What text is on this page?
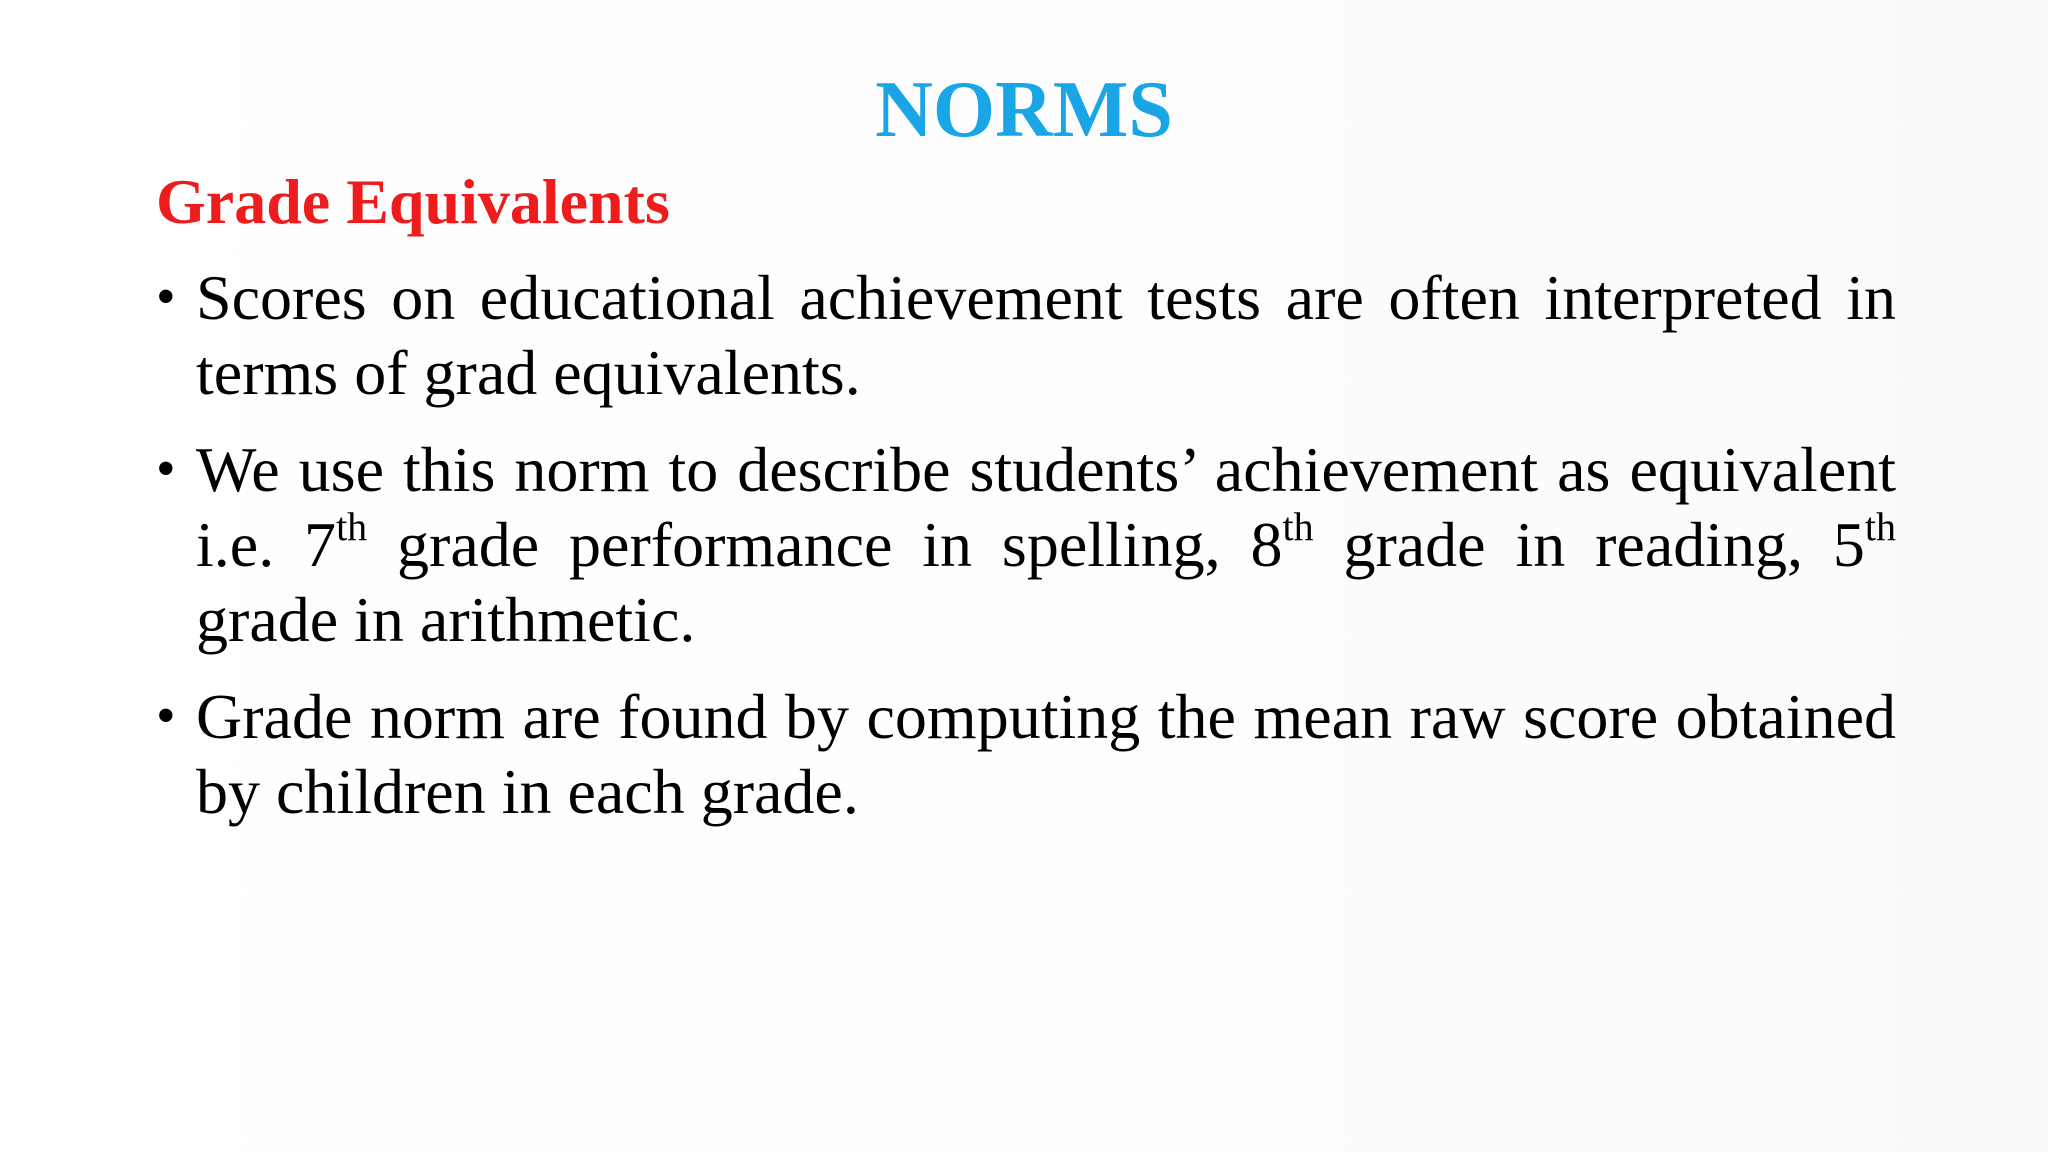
NORMS
Grade Equivalents
• Scores on educational achievement tests are often interpreted in terms of grad equivalents.
• We use this norm to describe students’ achievement as equivalent i.e. 7th grade performance in spelling, 8th grade in reading, 5th grade in arithmetic.
• Grade norm are found by computing the mean raw score obtained by children in each grade.
